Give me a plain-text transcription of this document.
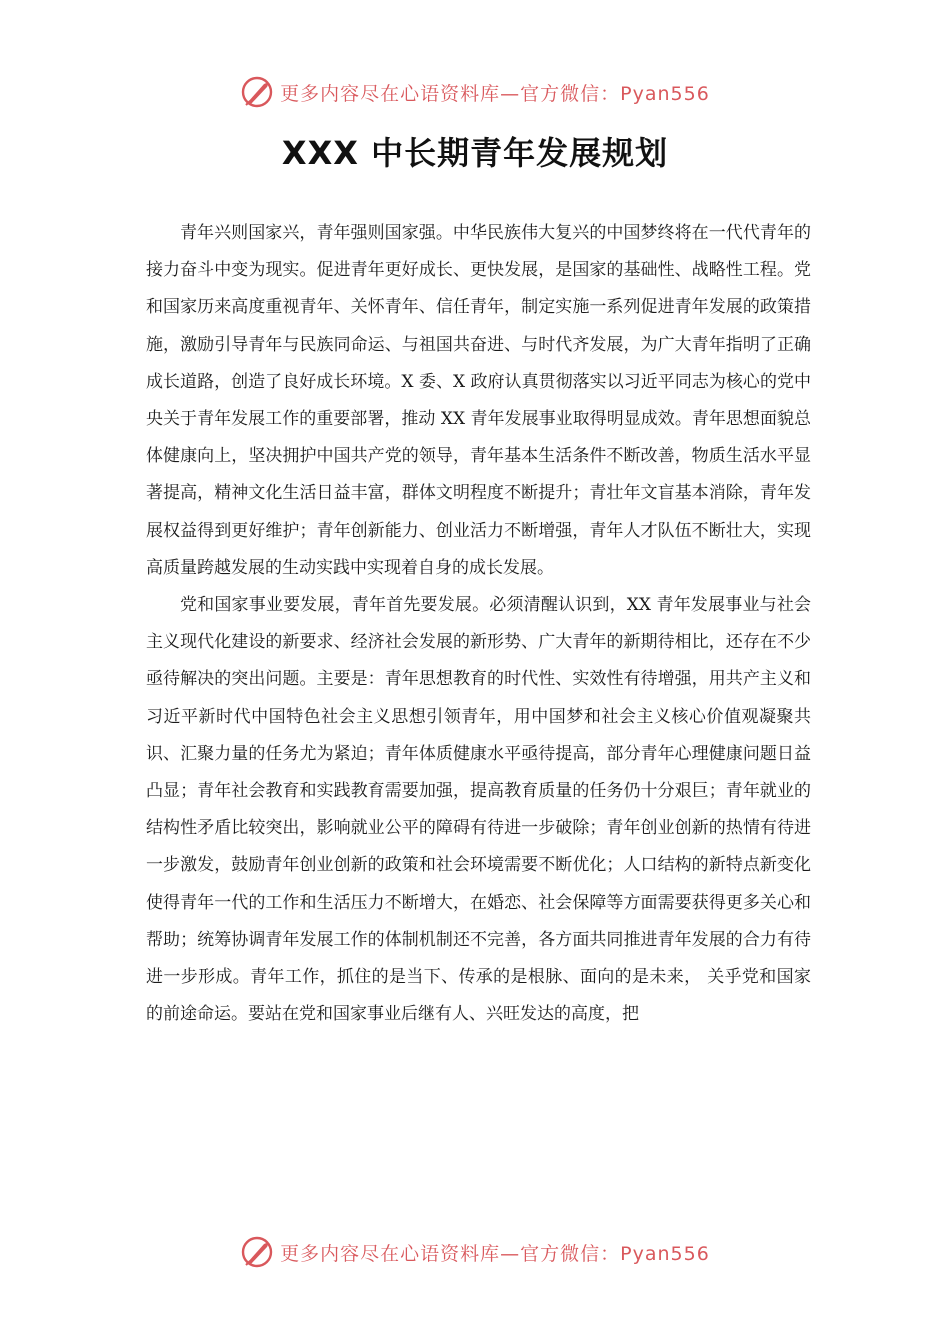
更多内容尽在心语资料库—官方微信：Pyan556
XXX 中长期青年发展规划

青年兴则国家兴，青年强则国家强。中华民族伟大复兴的中国梦终将在一代代青年的接力奋斗中变为现实。促进青年更好成长、更快发展，是国家的基础性、战略性工程。党和国家历来高度重视青年、关怀青年、信任青年，制定实施一系列促进青年发展的政策措施，激励引导青年与民族同命运、与祖国共奋进、与时代齐发展，为广大青年指明了正确成长道路，创造了良好成长环境。X 委、X 政府认真贯彻落实以习近平同志为核心的党中央关于青年发展工作的重要部署，推动 XX 青年发展事业取得明显成效。青年思想面貌总体健康向上，坚决拥护中国共产党的领导，青年基本生活条件不断改善，物质生活水平显著提高，精神文化生活日益丰富，群体文明程度不断提升；青壮年文盲基本消除，青年发展权益得到更好维护；青年创新能力、创业活力不断增强，青年人才队伍不断壮大，实现高质量跨越发展的生动实践中实现着自身的成长发展。

党和国家事业要发展，青年首先要发展。必须清醒认识到，XX 青年发展事业与社会主义现代化建设的新要求、经济社会发展的新形势、广大青年的新期待相比，还存在不少亟待解决的突出问题。主要是：青年思想教育的时代性、实效性有待增强，用共产主义和习近平新时代中国特色社会主义思想引领青年，用中国梦和社会主义核心价值观凝聚共识、汇聚力量的任务尤为紧迫；青年体质健康水平亟待提高，部分青年心理健康问题日益凸显；青年社会教育和实践教育需要加强，提高教育质量的任务仍十分艰巨；青年就业的结构性矛盾比较突出，影响就业公平的障碍有待进一步破除；青年创业创新的热情有待进一步激发，鼓励青年创业创新的政策和社会环境需要不断优化；人口结构的新特点新变化使得青年一代的工作和生活压力不断增大，在婚恋、社会保障等方面需要获得更多关心和帮助；统筹协调青年发展工作的体制机制还不完善，各方面共同推进青年发展的合力有待进一步形成。青年工作，抓住的是当下、传承的是根脉、面向的是未来， 关乎党和国家的前途命运。要站在党和国家事业后继有人、兴旺发达的高度，把

更多内容尽在心语资料库—官方微信：Pyan556
